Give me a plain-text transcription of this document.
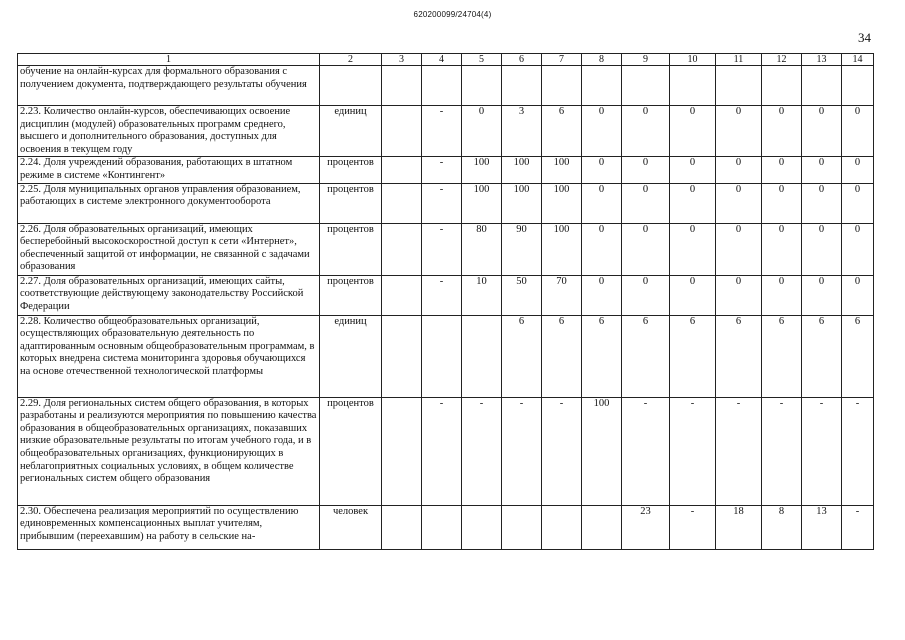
620200099/24704(4)
34
1	2	3	4	5	6	7	8	9	10	11	12	13	14
обучение на онлайн-курсах для формального образования с получением документа, подтверждающего результаты обучения													
2.23. Количество онлайн-курсов, обеспечивающих освоение дисциплин (модулей) образовательных программ среднего, высшего и дополнительного образования, доступных для освоения в текущем году	единиц		-	0	3	6	0	0	0	0	0	0	0
2.24. Доля учреждений образования, работающих в штатном режиме в системе «Контингент»	процентов		-	100	100	100	0	0	0	0	0	0	0
2.25. Доля муниципальных органов управления образованием, работающих в системе электронного документооборота	процентов		-	100	100	100	0	0	0	0	0	0	0
2.26. Доля образовательных организаций, имеющих бесперебойный высокоскоростной доступ к сети «Интернет», обеспеченный защитой от информации, не связанной с задачами образования	процентов		-	80	90	100	0	0	0	0	0	0	0
2.27. Доля образовательных организаций, имеющих сайты, соответствующие действующему законодательству Российской Федерации	процентов		-	10	50	70	0	0	0	0	0	0	0
2.28. Количество общеобразовательных организаций, осуществляющих образовательную деятельность по адаптированным основным общеобразовательным программам, в которых внедрена система мониторинга здоровья обучающихся на основе отечественной технологической платформы	единиц				6	6	6	6	6	6	6	6	6
2.29. Доля региональных систем общего образования, в которых разработаны и реализуются мероприятия по повышению качества образования в общеобразовательных организациях, показавших низкие образовательные результаты по итогам учебного года, и в общеобразовательных организациях, функционирующих в неблагоприятных социальных условиях, в общем количестве региональных систем общего образования	процентов		-	-	-	-	100	-	-	-	-	-	-
2.30. Обеспечена реализация мероприятий по осуществлению единовременных компенсационных выплат учителям, прибывшим (переехавшим) на работу в сельские на-	человек							23	-	18	8	13	-
